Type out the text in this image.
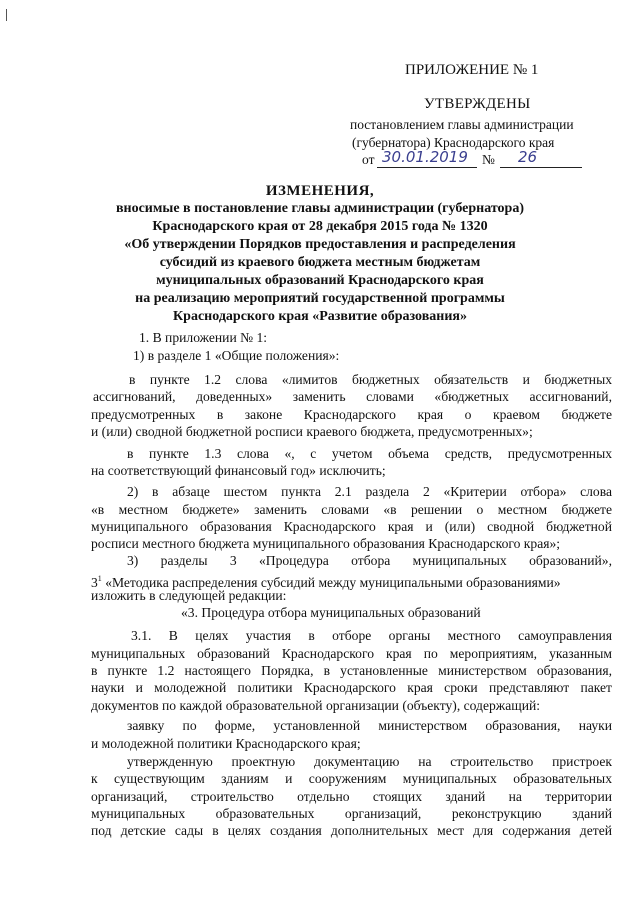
ПРИЛОЖЕНИЕ № 1
УТВЕРЖДЕНЫ
постановлением главы администрации
(губернатора) Краснодарского края
от 30.01.2019 № 26
ИЗМЕНЕНИЯ,
вносимые в постановление главы администрации (губернатора)
Краснодарского края от 28 декабря 2015 года № 1320
«Об утверждении Порядков предоставления и распределения
субсидий из краевого бюджета местным бюджетам
муниципальных образований Краснодарского края
на реализацию мероприятий государственной программы
Краснодарского края «Развитие образования»
1. В приложении № 1:
1) в разделе 1 «Общие положения»:
в пункте 1.2 слова «лимитов бюджетных обязательств и бюджетных
ассигнований, доведенных» заменить словами «бюджетных ассигнований,
предусмотренных в законе Краснодарского края о краевом бюджете
и (или) сводной бюджетной росписи краевого бюджета, предусмотренных»;
в пункте 1.3 слова «, с учетом объема средств, предусмотренных
на соответствующий финансовый год» исключить;
2) в абзаце шестом пункта 2.1 раздела 2 «Критерии отбора» слова
«в местном бюджете» заменить словами «в решении о местном бюджете
муниципального образования Краснодарского края и (или) сводной бюджетной
росписи местного бюджета муниципального образования Краснодарского края»;
3) разделы 3 «Процедура отбора муниципальных образований»,
$3^1$ «Методика распределения субсидий между муниципальными образованиями»
изложить в следующей редакции:
«3. Процедура отбора муниципальных образований
3.1. В целях участия в отборе органы местного самоуправления
муниципальных образований Краснодарского края по мероприятиям, указанным
в пункте 1.2 настоящего Порядка, в установленные министерством образования,
науки и молодежной политики Краснодарского края сроки представляют пакет
документов по каждой образовательной организации (объекту), содержащий:
заявку по форме, установленной министерством образования, науки
и молодежной политики Краснодарского края;
утвержденную проектную документацию на строительство пристроек
к существующим зданиям и сооружениям муниципальных образовательных
организаций, строительство отдельно стоящих зданий на территории
муниципальных образовательных организаций, реконструкцию зданий
под детские сады в целях создания дополнительных мест для содержания детей
